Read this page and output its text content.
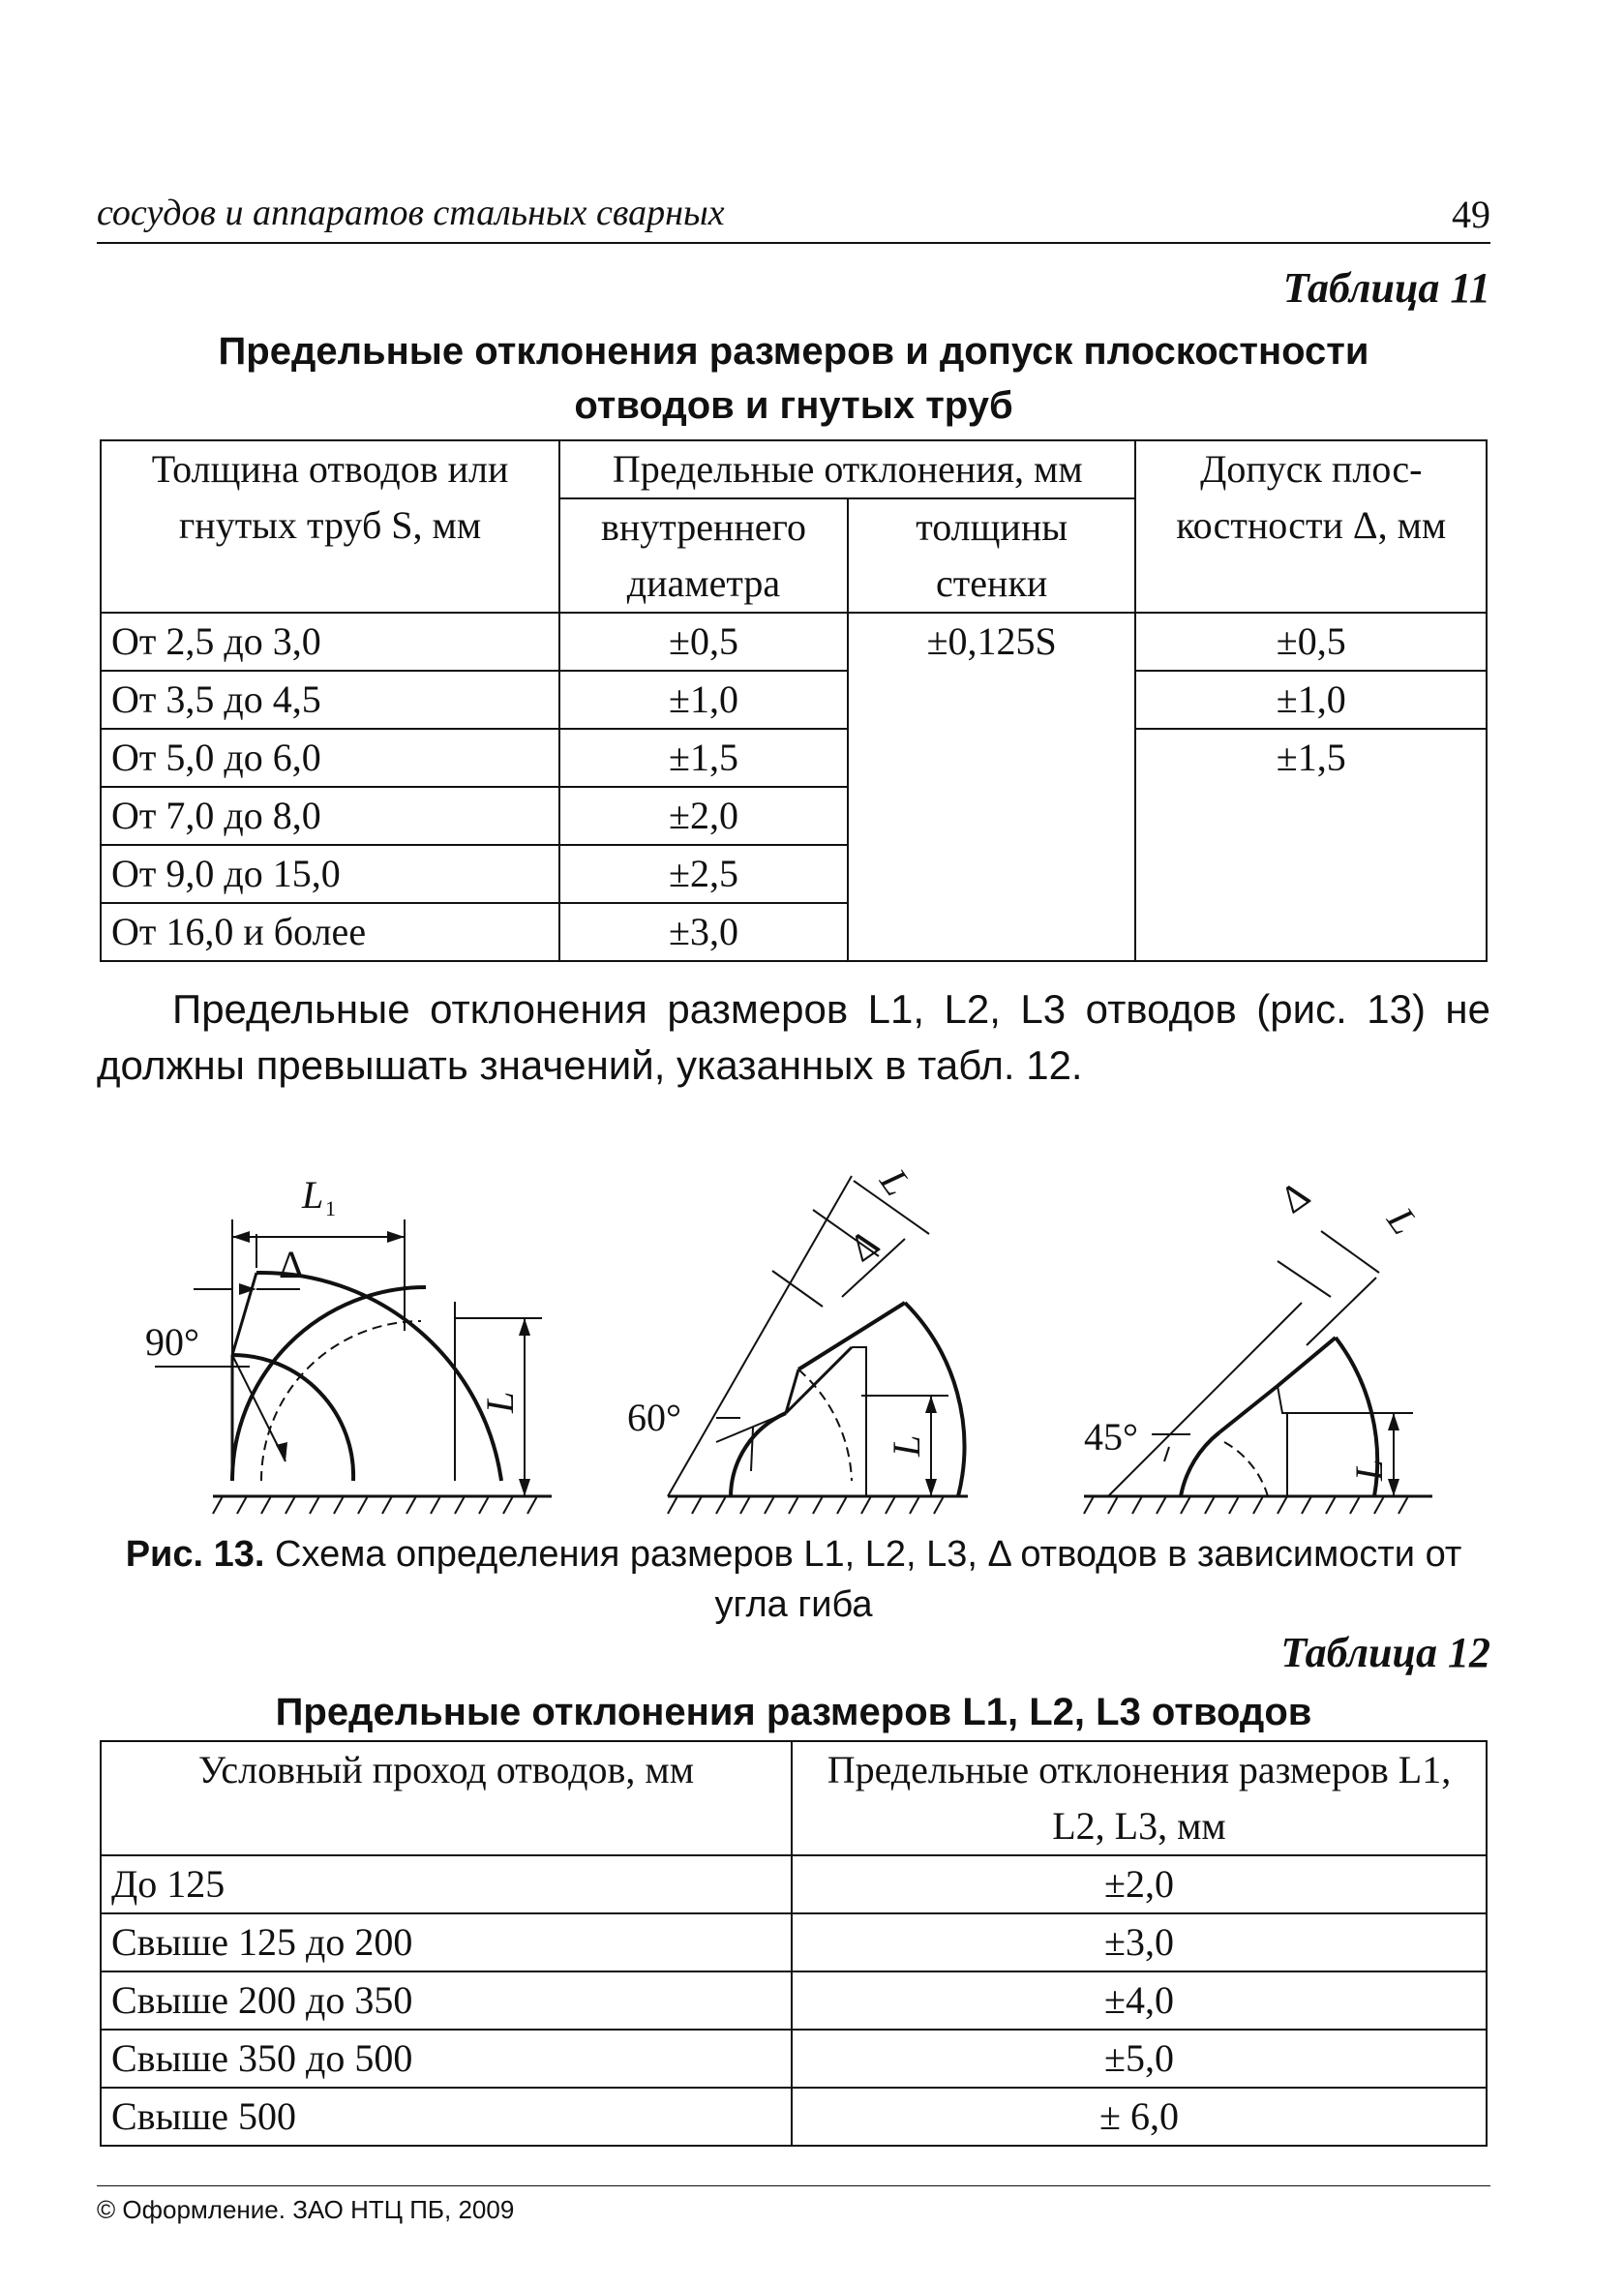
сосудов и аппаратов стальных сварных	49
Таблица 11
Предельные отклонения размеров и допуск плоскостности
отводов и гнутых труб
Толщина отводов или гнутых труб S, мм	Предельные отклонения, мм		Допуск плос-костности Δ, мм
	внутреннего диаметра	толщины стенки	
От 2,5 до 3,0	±0,5	±0,125S	±0,5
От 3,5 до 4,5	±1,0		±1,0
От 5,0 до 6,0	±1,5		±1,5
От 7,0 до 8,0	±2,0		
От 9,0 до 15,0	±2,5		
От 16,0 и более	±3,0		
Предельные отклонения размеров L1, L2, L3 отводов (рис. 13) не должны превышать значений, указанных в табл. 12.
L 1
Δ
90°
60°	45°
L
L
L
L
L
Δ
Δ
Рис. 13. Схема определения размеров L1, L2, L3, Δ отводов в зависимости от угла гиба
Таблица 12
Предельные отклонения размеров L1, L2, L3 отводов
Условный проход отводов, мм	Предельные отклонения размеров L1, L2, L3, мм
До 125	±2,0
Свыше 125 до 200	±3,0
Свыше 200 до 350	±4,0
Свыше 350 до 500	±5,0
Свыше 500	± 6,0
© Оформление. ЗАО НТЦ ПБ, 2009
